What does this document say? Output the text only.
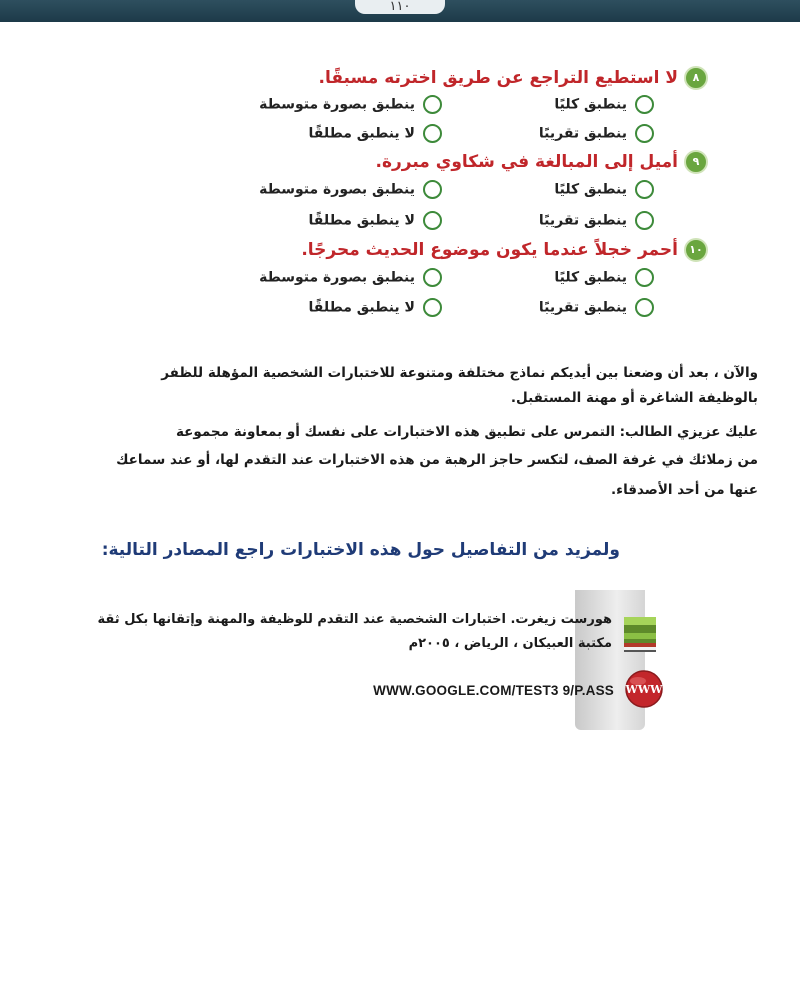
١١٠
٨لا استطيع التراجع عن طريق اخترته مسبقًا.
ينطبق كليًا
ينطبق بصورة متوسطة
ينطبق تقريبًا
لا ينطبق مطلقًا
٩أميل إلى المبالغة في شكاوي مبررة.
ينطبق كليًا
ينطبق بصورة متوسطة
ينطبق تقريبًا
لا ينطبق مطلقًا
١٠أحمر خجلاً عندما يكون موضوع الحديث محرجًا.
ينطبق كليًا
ينطبق بصورة متوسطة
ينطبق تقريبًا
لا ينطبق مطلقًا
والآن ، بعد أن وضعنا بين أيديكم نماذج مختلفة ومتنوعة للاختبارات الشخصية المؤهلة للظفر
بالوظيفة الشاغرة أو مهنة المستقبل.
عليك عزيزي الطالب: التمرس على تطبيق هذه الاختبارات على نفسك أو بمعاونة مجموعة
من زملائك في غرفة الصف، لتكسر حاجز الرهبة من هذه الاختبارات عند التقدم لها، أو عند سماعك
عنها من أحد الأصدقاء.
ولمزيد من التفاصيل حول هذه الاختبارات راجع المصادر التالية:
WWW
هورست زيغرت. اختبارات الشخصية عند التقدم للوظيفة والمهنة وإتقانها بكل ثقة
مكتبة العبيكان ، الرياض ، ٢٠٠٥م
WWW.GOOGLE.COM/TEST3 9/P.ASS
